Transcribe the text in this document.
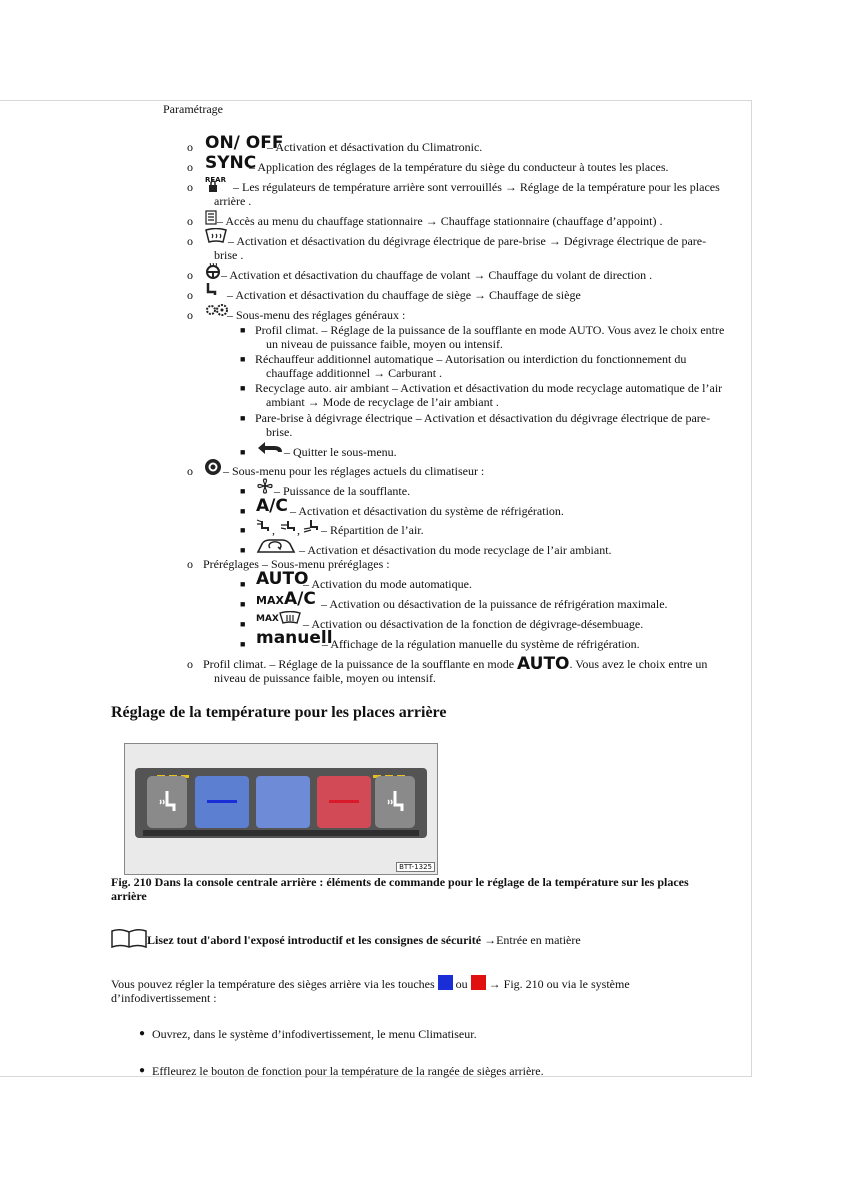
Paramétrage
o ON/ OFF
– Activation et désactivation du Climatronic.
o SYNC
– Application des réglages de la température du siège du conducteur à toutes les places.
o REAR – Les régulateurs de température arrière sont verrouillés → Réglage de la température pour les places
arrière .
o – Accès au menu du chauffage stationnaire → Chauffage stationnaire (chauffage d’appoint) .
o	– Activation et désactivation du dégivrage électrique de pare-brise → Dégivrage électrique de pare-
brise .
o – Activation et désactivation du chauffage de volant → Chauffage du volant de direction .
o	– Activation et désactivation du chauffage de siège → Chauffage de siège
o	– Sous-menu des réglages généraux :
■ Profil climat. – Réglage de la puissance de la soufflante en mode AUTO. Vous avez le choix entre
un niveau de puissance faible, moyen ou intensif.
■ Réchauffeur additionnel automatique – Autorisation ou interdiction du fonctionnement du
chauffage additionnel → Carburant .
■ Recyclage auto. air ambiant – Activation et désactivation du mode recyclage automatique de l’air
ambiant → Mode de recyclage de l’air ambiant .
■ Pare-brise à dégivrage électrique – Activation et désactivation du dégivrage électrique de pare-
brise.
■	– Quitter le sous-menu.
o	– Sous-menu pour les réglages actuels du climatiseur :
■ – Puissance de la soufflante.
■ A/C – Activation et désactivation du système de réfrigération.
■ , , – Répartition de l’air.
■	– Activation et désactivation du mode recyclage de l’air ambiant.
o Préréglages – Sous-menu préréglages :
■ AUTO
– Activation du mode automatique.
■ MAXA/C – Activation ou désactivation de la puissance de réfrigération maximale.
■ MAX – Activation ou désactivation de la fonction de dégivrage-désembuage.
■ manuell
– Affichage de la régulation manuelle du système de réfrigération.
o Profil climat. – Réglage de la puissance de la soufflante en mode AUTO. Vous avez le choix entre un
niveau de puissance faible, moyen ou intensif.
Réglage de la température pour les places arrière
BTT-1325
Fig. 210 Dans la console centrale arrière : éléments de commande pour le réglage de la température sur les places arrière
Lisez tout d'abord l'exposé introductif et les consignes de sécurité →Entrée en matière
Vous pouvez régler la température des sièges arrière via les touches  ou  → Fig. 210 ou via le système
d’infodivertissement :
● Ouvrez, dans le système d’infodivertissement, le menu Climatiseur.
● Effleurez le bouton de fonction pour la température de la rangée de sièges arrière.
